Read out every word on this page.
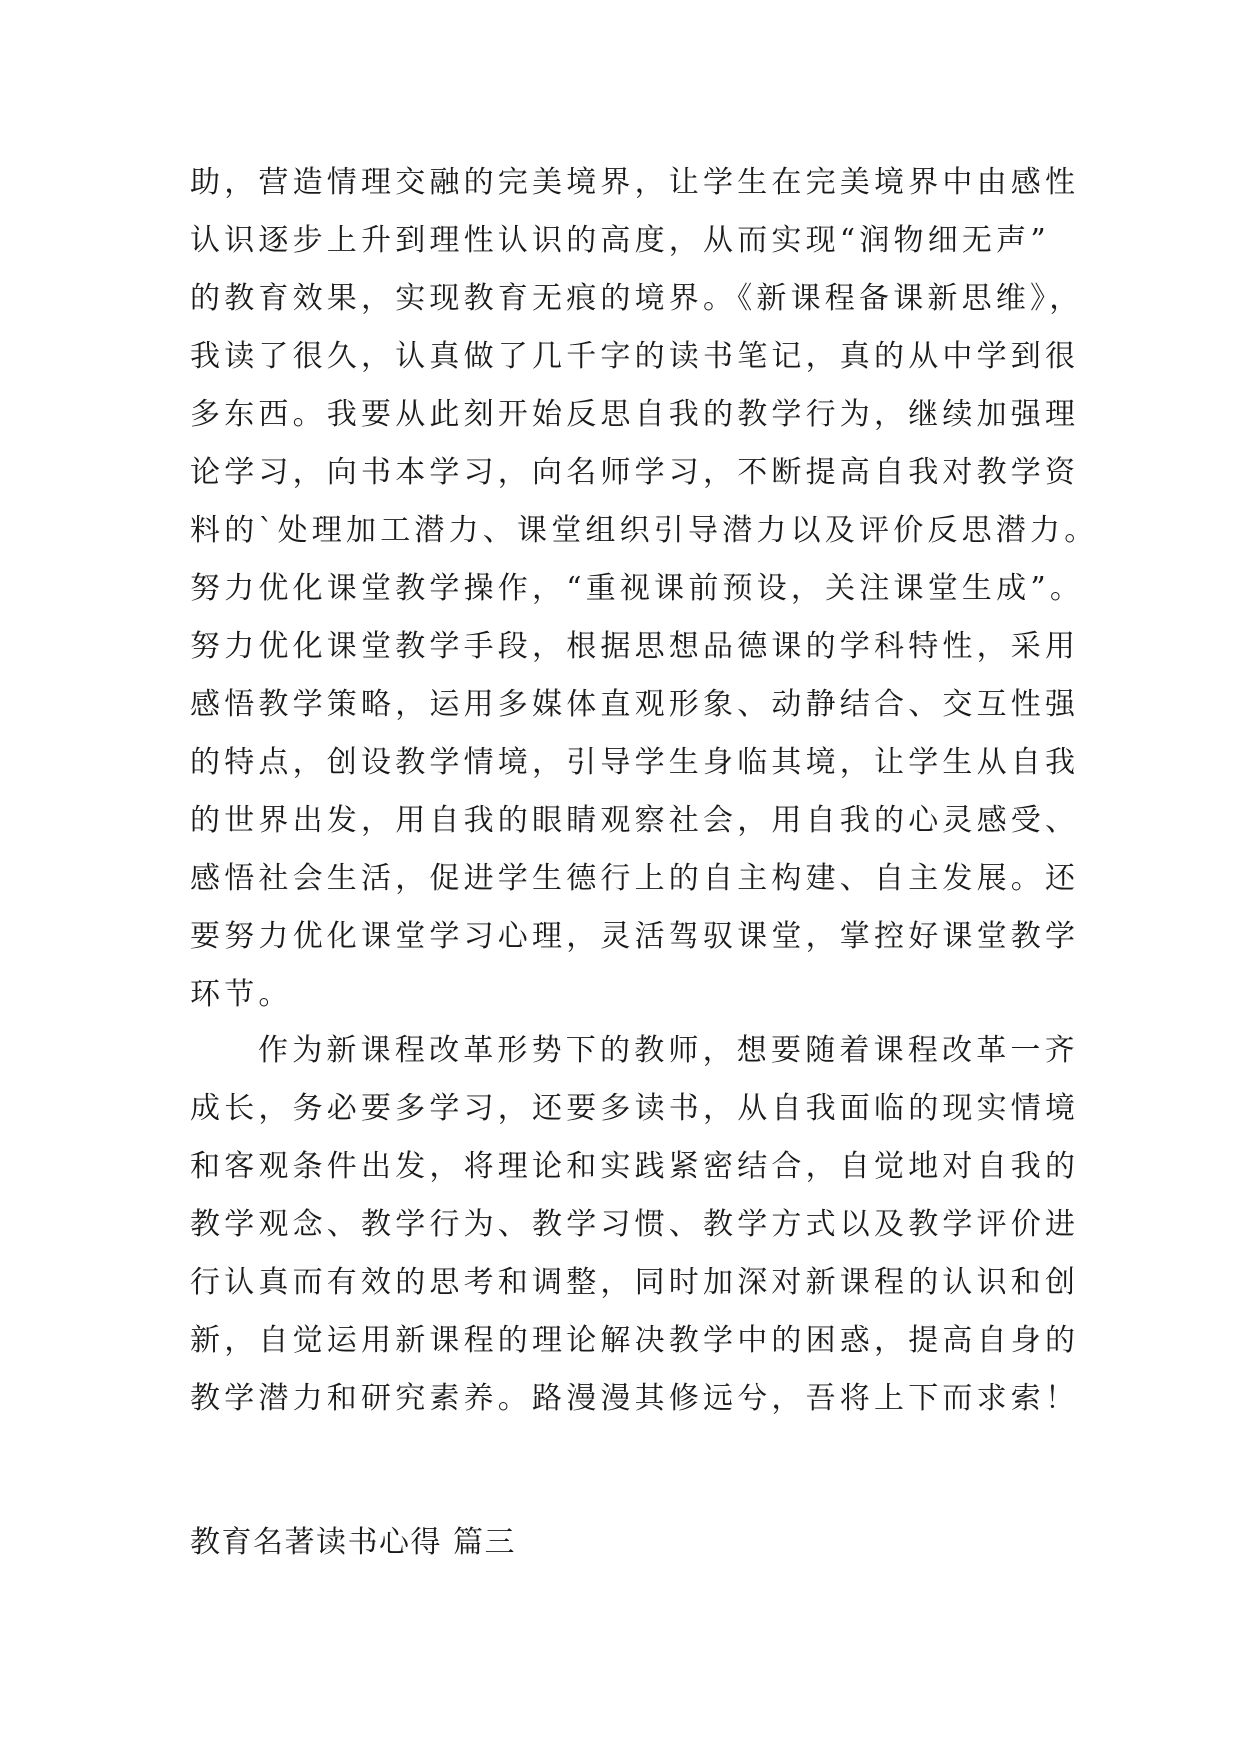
助，营造情理交融的完美境界，让学生在完美境界中由感性
认识逐步上升到理性认识的高度，从而实现“润物细无声”
的教育效果，实现教育无痕的境界。《新课程备课新思维》，
我读了很久，认真做了几千字的读书笔记，真的从中学到很
多东西。我要从此刻开始反思自我的教学行为，继续加强理
论学习，向书本学习，向名师学习，不断提高自我对教学资
料的`处理加工潜力、课堂组织引导潜力以及评价反思潜力。
努力优化课堂教学操作，“重视课前预设，关注课堂生成”。
努力优化课堂教学手段，根据思想品德课的学科特性，采用
感悟教学策略，运用多媒体直观形象、动静结合、交互性强
的特点，创设教学情境，引导学生身临其境，让学生从自我
的世界出发，用自我的眼睛观察社会，用自我的心灵感受、
感悟社会生活，促进学生德行上的自主构建、自主发展。还
要努力优化课堂学习心理，灵活驾驭课堂，掌控好课堂教学
环节。
作为新课程改革形势下的教师，想要随着课程改革一齐
成长，务必要多学习，还要多读书，从自我面临的现实情境
和客观条件出发，将理论和实践紧密结合，自觉地对自我的
教学观念、教学行为、教学习惯、教学方式以及教学评价进
行认真而有效的思考和调整，同时加深对新课程的认识和创
新，自觉运用新课程的理论解决教学中的困惑，提高自身的
教学潜力和研究素养。路漫漫其修远兮，吾将上下而求索！
教育名著读书心得 篇三
